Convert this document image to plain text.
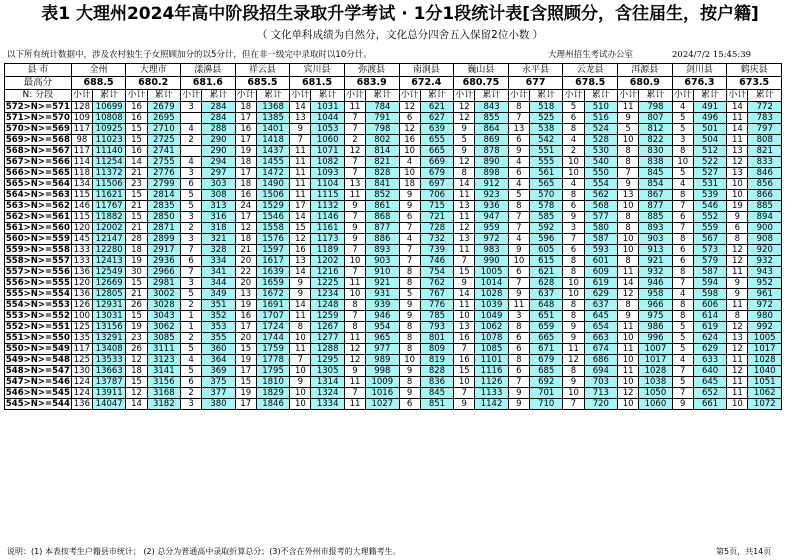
表1 大理州2024年高中阶段招生录取升学考试 · 1分1段统计表[含照顾分，含往届生，按户籍]
（ 文化单科成绩为自然分，文化总分四舍五入保留2位小数 ）
以下所有统计数据中，涉及农村独生子女照顾加分的以5分计，但在非一级完中录取时以10分计。	大理州招生考试办公室	2024/7/2 15:45:39
县 市	全州		大理市		漾濞县		祥云县		宾川县		弥渡县		南涧县		巍山县		永平县		云龙县		洱源县		剑川县		鹤庆县	
最高分	688.5		680.2		681.6		685.5		681.5		683.9		672.4		680.75		677		678.5		680.9		676.3		673.5	
N: 分段	小计	累计	小计	累计	小计	累计	小计	累计	小计	累计	小计	累计	小计	累计	小计	累计	小计	累计	小计	累计	小计	累计	小计	累计	小计	累计
572>N>=571	128	10699	16	2679	3	284	18	1368	14	1031	11	784	12	621	12	843	8	518	5	510	11	798	4	491	14	772
571>N>=570	109	10808	16	2695		284	17	1385	13	1044	7	791	6	627	12	855	7	525	6	516	9	807	5	496	11	783
570>N>=569	117	10925	15	2710	4	288	16	1401	9	1053	7	798	12	639	9	864	13	538	8	524	5	812	5	501	14	797
569>N>=568	98	11023	15	2725	2	290	17	1418	7	1060	2	802	16	655	5	869	6	542	4	528	10	822	3	504	11	808
568>N>=567	117	11140	16	2741		290	19	1437	11	1071	12	814	10	665	9	878	9	551	2	530	8	830	8	512	13	821
567>N>=566	114	11254	14	2755	4	294	18	1455	11	1082	7	821	4	669	12	890	4	555	10	540	8	838	10	522	12	833
566>N>=565	118	11372	21	2776	3	297	17	1472	11	1093	7	828	10	679	8	898	6	561	10	550	7	845	5	527	13	846
565>N>=564	134	11506	23	2799	6	303	18	1490	11	1104	13	841	18	697	14	912	4	565	4	554	9	854	4	531	10	856
564>N>=563	115	11621	15	2814	5	308	16	1506	11	1115	11	852	9	706	11	923	5	570	8	562	13	867	8	539	10	866
563>N>=562	146	11767	21	2835	5	313	24	1529	17	1132	9	861	9	715	13	936	8	578	6	568	10	877	7	546	19	885
562>N>=561	115	11882	15	2850	3	316	17	1546	14	1146	7	868	6	721	11	947	7	585	9	577	8	885	6	552	9	894
561>N>=560	120	12002	21	2871	2	318	12	1558	15	1161	9	877	7	728	12	959	7	592	3	580	8	893	7	559	6	900
560>N>=559	145	12147	28	2899	3	321	18	1576	12	1173	9	886	4	732	13	972	4	596	7	587	10	903	8	567	8	908
559>N>=558	133	12280	18	2917	7	328	21	1597	16	1189	7	893	7	739	11	983	9	605	6	593	10	913	6	573	12	920
558>N>=557	133	12413	19	2936	6	334	20	1617	13	1202	10	903	7	746	7	990	10	615	8	601	8	921	6	579	12	932
557>N>=556	136	12549	30	2966	7	341	22	1639	14	1216	7	910	8	754	15	1005	6	621	8	609	11	932	8	587	11	943
556>N>=555	120	12669	15	2981	3	344	20	1659	9	1225	11	921	8	762	9	1014	7	628	10	619	14	946	7	594	9	952
555>N>=554	136	12805	21	3002	5	349	13	1672	9	1234	10	931	5	767	14	1028	9	637	10	629	12	958	4	598	9	961
554>N>=553	126	12931	26	3028	2	351	19	1691	14	1248	8	939	9	776	11	1039	11	648	8	637	8	966	8	606	11	972
553>N>=552	100	13031	15	3043	1	352	16	1707	11	1259	7	946	9	785	10	1049	3	651	8	645	9	975	8	614	8	980
552>N>=551	125	13156	19	3062	1	353	17	1724	8	1267	8	954	8	793	13	1062	8	659	9	654	11	986	5	619	12	992
551>N>=550	135	13291	23	3085	2	355	20	1744	10	1277	11	965	8	801	16	1078	6	665	9	663	10	996	5	624	13	1005
550>N>=549	117	13408	26	3111	5	360	15	1759	11	1288	12	977	8	809	7	1085	6	671	11	674	11	1007	5	629	12	1017
549>N>=548	125	13533	12	3123	4	364	19	1778	7	1295	12	989	10	819	16	1101	8	679	12	686	10	1017	4	633	11	1028
548>N>=547	130	13663	18	3141	5	369	17	1795	10	1305	9	998	9	828	15	1116	6	685	8	694	11	1028	7	640	12	1040
547>N>=546	124	13787	15	3156	6	375	15	1810	9	1314	11	1009	8	836	10	1126	7	692	9	703	10	1038	5	645	11	1051
546>N>=545	124	13911	12	3168	2	377	19	1829	10	1324	7	1016	9	845	7	1133	9	701	10	713	12	1050	7	652	11	1062
545>N>=544	136	14047	14	3182	3	380	17	1846	10	1334	11	1027	6	851	9	1142	9	710	7	720	10	1060	9	661	10	1072
说明：(1) 本表按考生户籍县市统计； (2) 总分为普通高中录取折算总分；(3)不含在外州市报考的大理籍考生。	第5页，共14页
